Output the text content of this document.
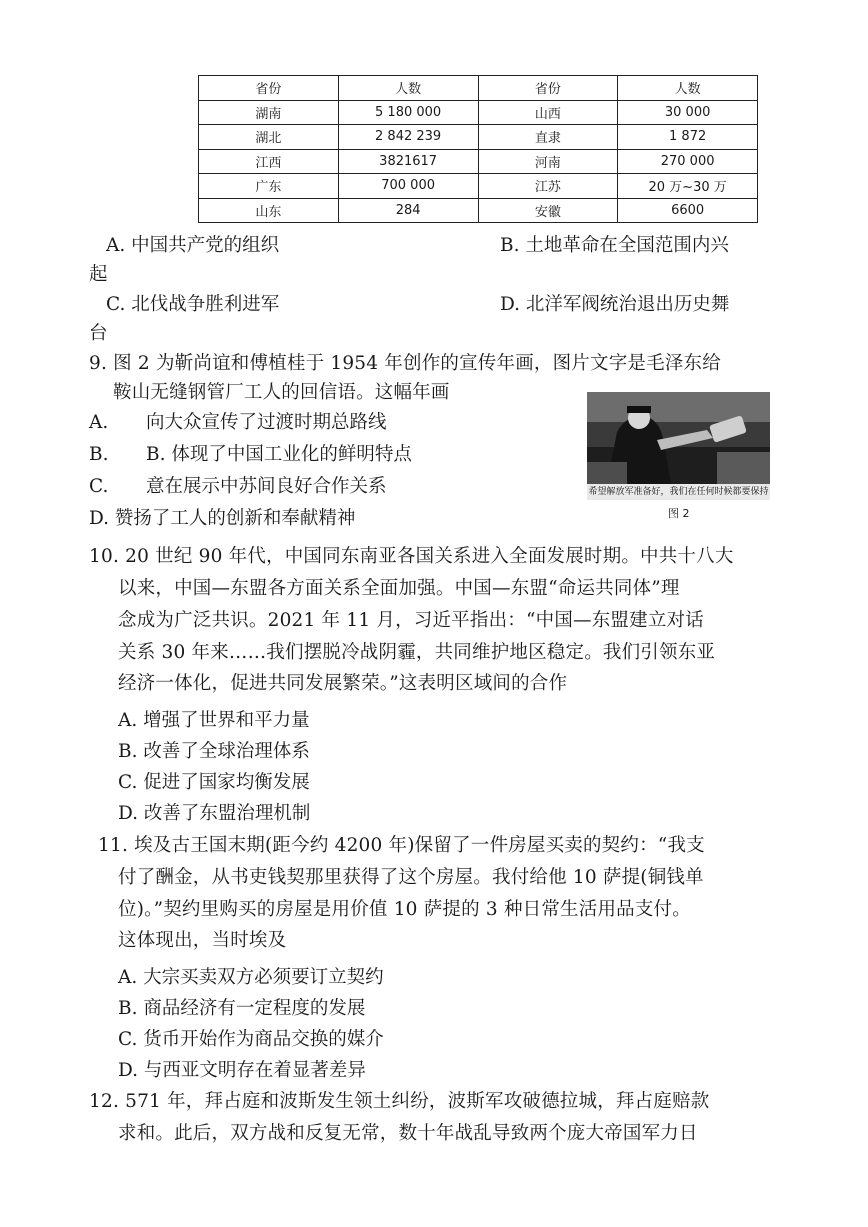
省份	人数	省份	人数
湖南	5 180 000	山西	30 000
湖北	2 842 239	直隶	1 872
江西	3821617	河南	270 000
广东	700 000	江苏	20 万~30 万
山东	284	安徽	6600
A. 中国共产党的组织	B. 土地革命在全国范围内兴
起
C. 北伐战争胜利进军	D. 北洋军阀统治退出历史舞
台
9. 图 2 为靳尚谊和傅植桂于 1954 年创作的宣传年画，图片文字是毛泽东给
鞍山无缝钢管厂工人的回信语。这幅年画
A. 向大众宣传了过渡时期总路线
B. B. 体现了中国工业化的鲜明特点
C. 意在展示中苏间良好合作关系
D. 赞扬了工人的创新和奉献精神
希望解放军准备好，我们在任何时候都要保持
图 2
10. 20 世纪 90 年代，中国同东南亚各国关系进入全面发展时期。中共十八大
以来，中国—东盟各方面关系全面加强。中国—东盟“命运共同体”理
念成为广泛共识。2021 年 11 月，习近平指出：“中国—东盟建立对话
关系 30 年来……我们摆脱冷战阴霾，共同维护地区稳定。我们引领东亚
经济一体化，促进共同发展繁荣。”这表明区域间的合作
A. 增强了世界和平力量
B. 改善了全球治理体系
C. 促进了国家均衡发展
D. 改善了东盟治理机制
11. 埃及古王国末期(距今约 4200 年)保留了一件房屋买卖的契约：“我支
付了酬金，从书吏钱契那里获得了这个房屋。我付给他 10 萨提(铜钱单
位)。”契约里购买的房屋是用价值 10 萨提的 3 种日常生活用品支付。
这体现出，当时埃及
A. 大宗买卖双方必须要订立契约
B. 商品经济有一定程度的发展
C. 货币开始作为商品交换的媒介
D. 与西亚文明存在着显著差异
12. 571 年，拜占庭和波斯发生领土纠纷，波斯军攻破德拉城，拜占庭赔款
求和。此后，双方战和反复无常，数十年战乱导致两个庞大帝国军力日
